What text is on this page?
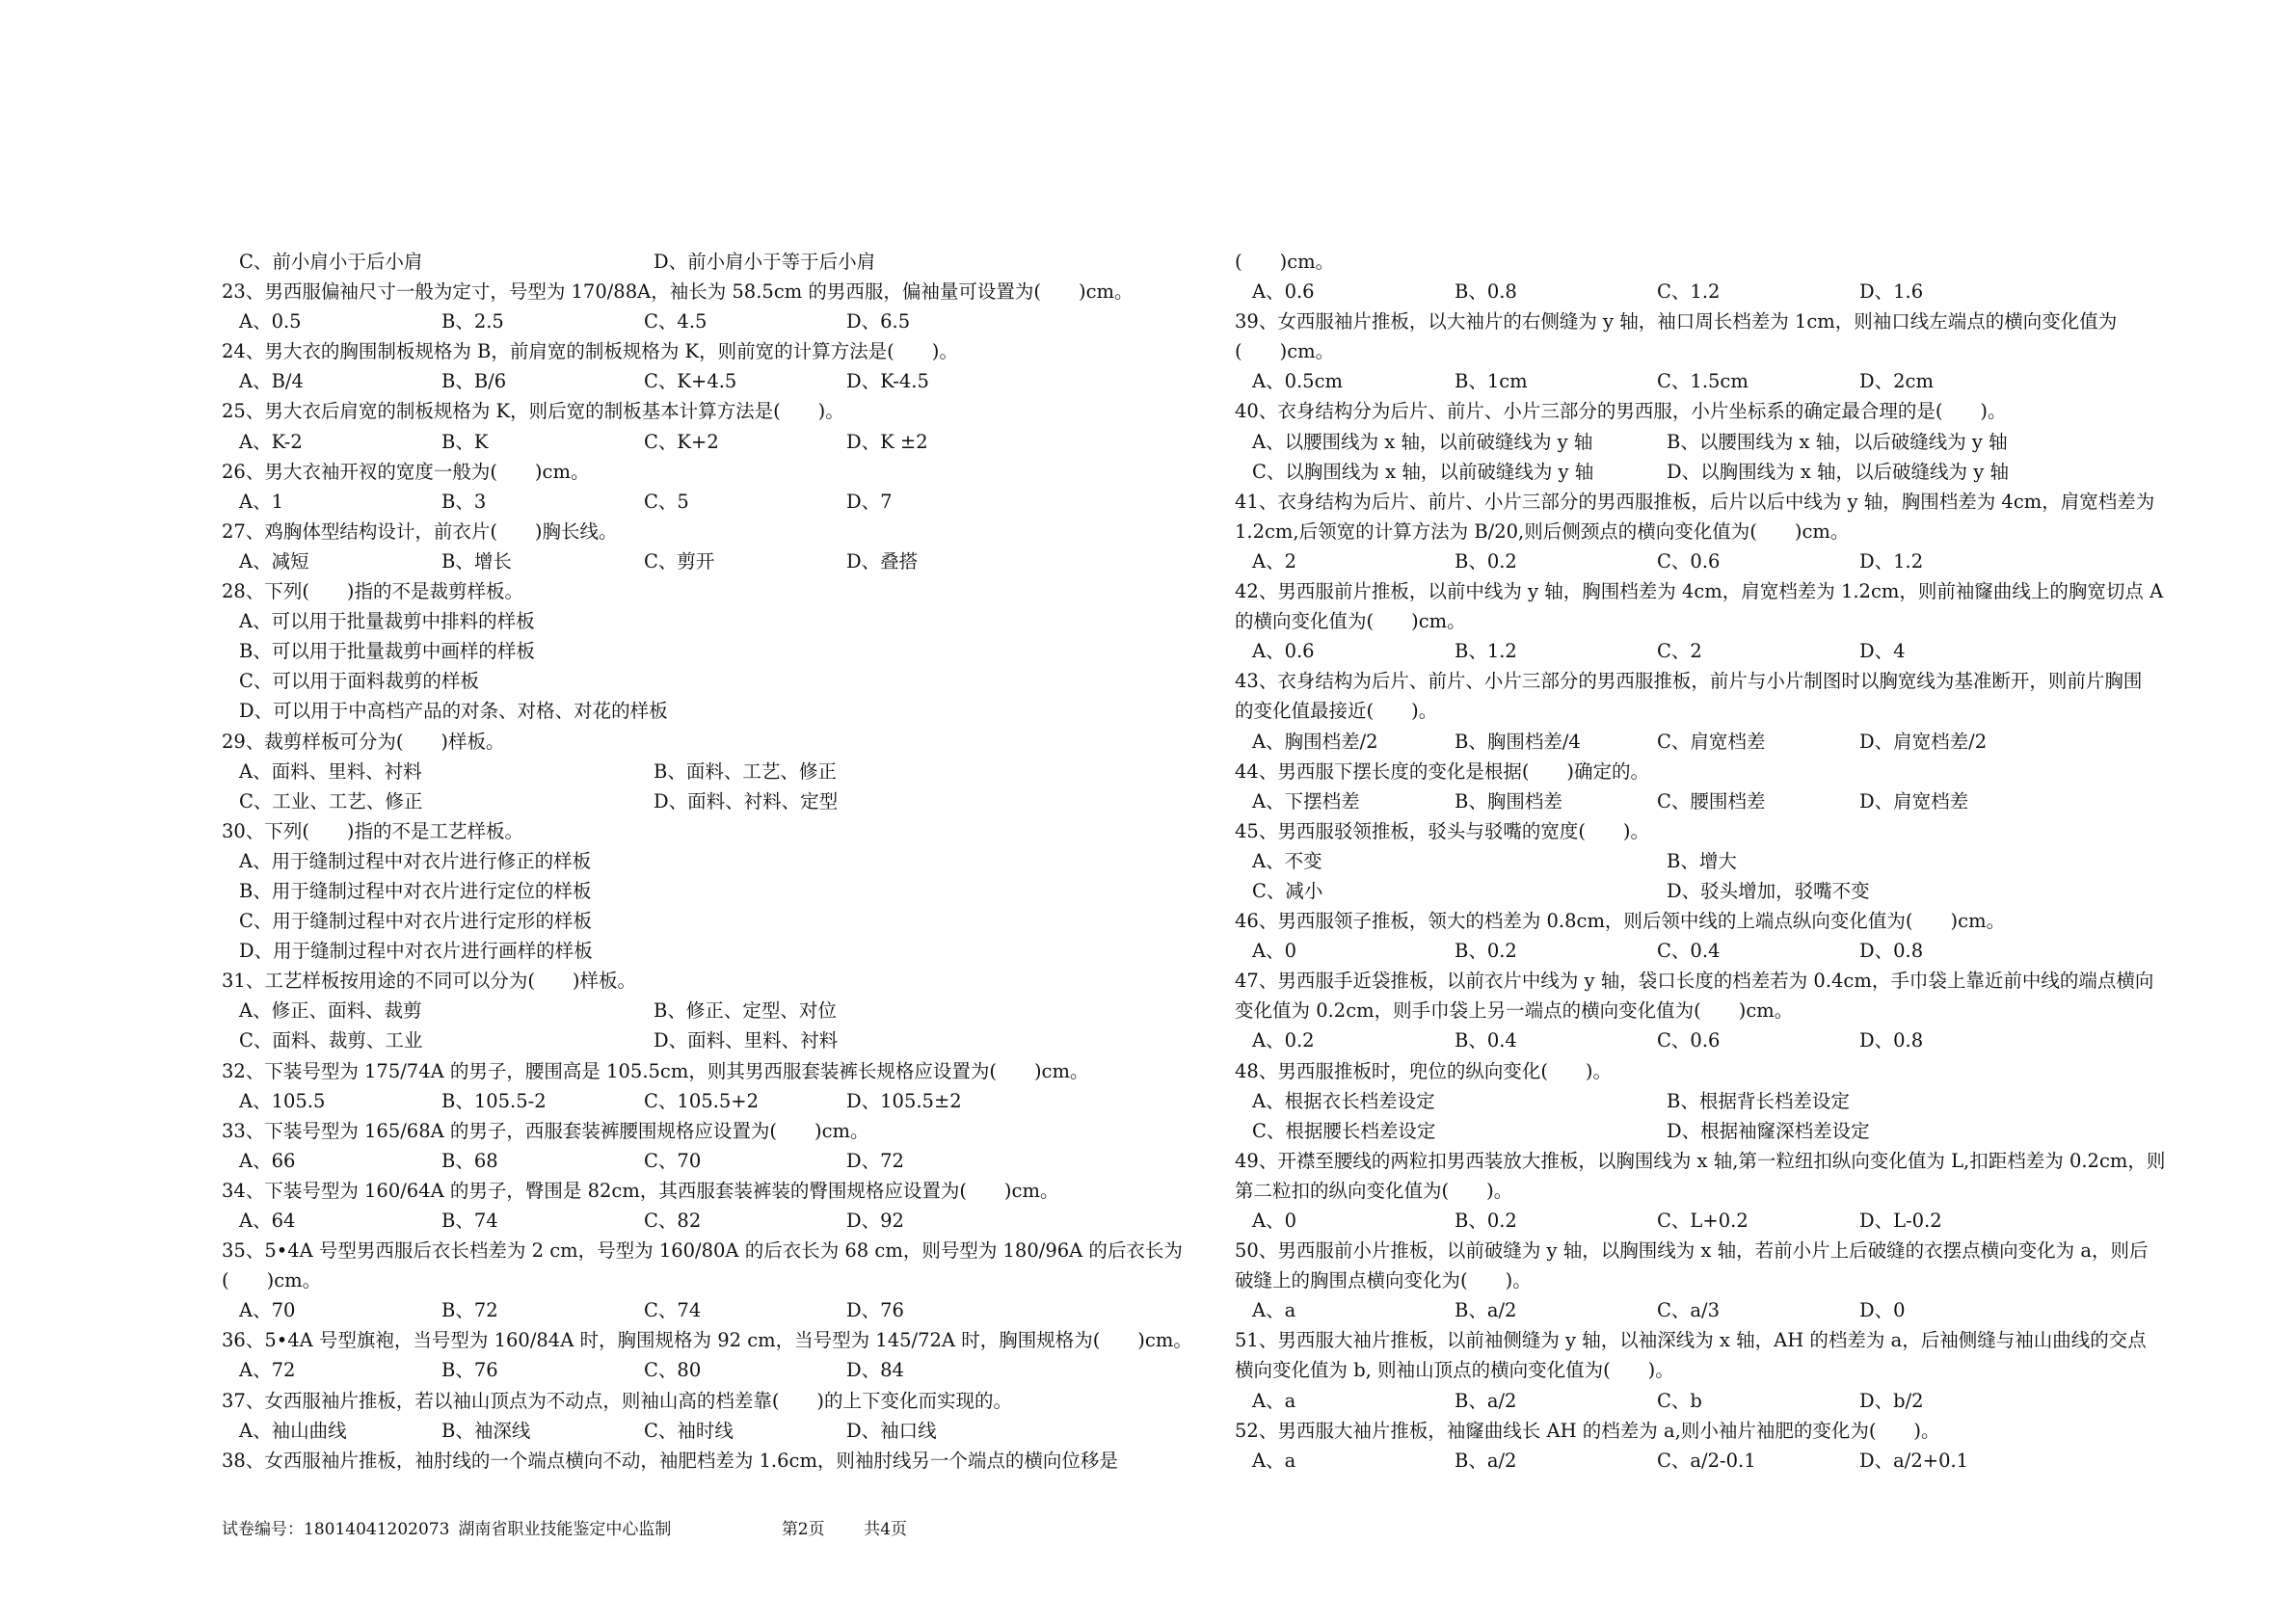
C、前小肩小于后小肩	D、前小肩小于等于后小肩
23、男西服偏袖尺寸一般为定寸，号型为 170/88A，袖长为 58.5cm 的男西服，偏袖量可设置为(　　)cm。
A、0.5	B、2.5	C、4.5	D、6.5
24、男大衣的胸围制板规格为 B，前肩宽的制板规格为 K，则前宽的计算方法是(　　)。
A、B/4	B、B/6	C、K+4.5	D、K-4.5
25、男大衣后肩宽的制板规格为 K，则后宽的制板基本计算方法是(　　)。
A、K-2	B、K	C、K+2	D、K ±2
26、男大衣袖开衩的宽度一般为(　　)cm。
A、1	B、3	C、5	D、7
27、鸡胸体型结构设计，前衣片(　　)胸长线。
A、减短	B、增长	C、剪开	D、叠搭
28、下列(　　)指的不是裁剪样板。
A、可以用于批量裁剪中排料的样板
B、可以用于批量裁剪中画样的样板
C、可以用于面料裁剪的样板
D、可以用于中高档产品的对条、对格、对花的样板
29、裁剪样板可分为(　　)样板。
A、面料、里料、衬料	B、面料、工艺、修正
C、工业、工艺、修正	D、面料、衬料、定型
30、下列(　　)指的不是工艺样板。
A、用于缝制过程中对衣片进行修正的样板
B、用于缝制过程中对衣片进行定位的样板
C、用于缝制过程中对衣片进行定形的样板
D、用于缝制过程中对衣片进行画样的样板
31、工艺样板按用途的不同可以分为(　　)样板。
A、修正、面料、裁剪	B、修正、定型、对位
C、面料、裁剪、工业	D、面料、里料、衬料
32、下装号型为 175/74A 的男子，腰围高是 105.5cm，则其男西服套装裤长规格应设置为(　　)cm。
A、105.5	B、105.5-2	C、105.5+2	D、105.5±2
33、下装号型为 165/68A 的男子，西服套装裤腰围规格应设置为(　　)cm。
A、66	B、68	C、70	D、72
34、下装号型为 160/64A 的男子，臀围是 82cm，其西服套装裤装的臀围规格应设置为(　　)cm。
A、64	B、74	C、82	D、92
35、5•4A 号型男西服后衣长档差为 2 cm，号型为 160/80A 的后衣长为 68 cm，则号型为 180/96A 的后衣长为
(　　)cm。
A、70	B、72	C、74	D、76
36、5•4A 号型旗袍，当号型为 160/84A 时，胸围规格为 92 cm，当号型为 145/72A 时，胸围规格为(　　)cm。
A、72	B、76	C、80	D、84
37、女西服袖片推板，若以袖山顶点为不动点，则袖山高的档差靠(　　)的上下变化而实现的。
A、袖山曲线	B、袖深线	C、袖时线	D、袖口线
38、女西服袖片推板，袖肘线的一个端点横向不动，袖肥档差为 1.6cm，则袖肘线另一个端点的横向位移是
(　　)cm。
A、0.6	B、0.8	C、1.2	D、1.6
39、女西服袖片推板，以大袖片的右侧缝为 y 轴，袖口周长档差为 1cm，则袖口线左端点的横向变化值为
(　　)cm。
A、0.5cm	B、1cm	C、1.5cm	D、2cm
40、衣身结构分为后片、前片、小片三部分的男西服，小片坐标系的确定最合理的是(　　)。
A、以腰围线为 x 轴，以前破缝线为 y 轴	B、以腰围线为 x 轴，以后破缝线为 y 轴
C、以胸围线为 x 轴，以前破缝线为 y 轴	D、以胸围线为 x 轴，以后破缝线为 y 轴
41、衣身结构为后片、前片、小片三部分的男西服推板，后片以后中线为 y 轴，胸围档差为 4cm，肩宽档差为
1.2cm,后领宽的计算方法为 B/20,则后侧颈点的横向变化值为(　　)cm。
A、2	B、0.2	C、0.6	D、1.2
42、男西服前片推板，以前中线为 y 轴，胸围档差为 4cm，肩宽档差为 1.2cm，则前袖窿曲线上的胸宽切点 A
的横向变化值为(　　)cm。
A、0.6	B、1.2	C、2	D、4
43、衣身结构为后片、前片、小片三部分的男西服推板，前片与小片制图时以胸宽线为基准断开，则前片胸围
的变化值最接近(　　)。
A、胸围档差/2	B、胸围档差/4	C、肩宽档差	D、肩宽档差/2
44、男西服下摆长度的变化是根据(　　)确定的。
A、下摆档差	B、胸围档差	C、腰围档差	D、肩宽档差
45、男西服驳领推板，驳头与驳嘴的宽度(　　)。
A、不变	B、增大
C、减小	D、驳头增加，驳嘴不变
46、男西服领子推板，领大的档差为 0.8cm，则后领中线的上端点纵向变化值为(　　)cm。
A、0	B、0.2	C、0.4	D、0.8
47、男西服手近袋推板，以前衣片中线为 y 轴，袋口长度的档差若为 0.4cm，手巾袋上靠近前中线的端点横向
变化值为 0.2cm，则手巾袋上另一端点的横向变化值为(　　)cm。
A、0.2	B、0.4	C、0.6	D、0.8
48、男西服推板时，兜位的纵向变化(　　)。
A、根据衣长档差设定	B、根据背长档差设定
C、根据腰长档差设定	D、根据袖窿深档差设定
49、开襟至腰线的两粒扣男西装放大推板，以胸围线为 x 轴,第一粒纽扣纵向变化值为 L,扣距档差为 0.2cm，则
第二粒扣的纵向变化值为(　　)。
A、0	B、0.2	C、L+0.2	D、L-0.2
50、男西服前小片推板，以前破缝为 y 轴，以胸围线为 x 轴，若前小片上后破缝的衣摆点横向变化为 a，则后
破缝上的胸围点横向变化为(　　)。
A、a	B、a/2	C、a/3	D、0
51、男西服大袖片推板，以前袖侧缝为 y 轴，以袖深线为 x 轴，AH 的档差为 a，后袖侧缝与袖山曲线的交点
横向变化值为 b, 则袖山顶点的横向变化值为(　　)。
A、a	B、a/2	C、b	D、b/2
52、男西服大袖片推板，袖窿曲线长 AH 的档差为 a,则小袖片袖肥的变化为(　　)。
A、a	B、a/2	C、a/2-0.1	D、a/2+0.1
试卷编号：18014041202073 湖南省职业技能鉴定中心监制	第2页 共4页
